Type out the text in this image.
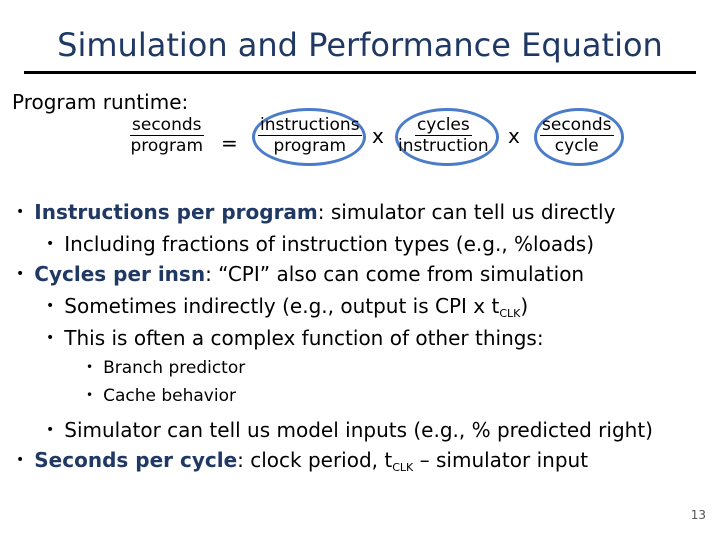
Simulation and Performance Equation
Program runtime:
seconds
program =
instructions
program x cycles
instruction x seconds
cycle
• Instructions per program: simulator can tell us directly
• Including fractions of instruction types (e.g., %loads)
• Cycles per insn: “CPI” also can come from simulation
• Sometimes indirectly (e.g., output is CPI x $t_{CLK}$)
• This is often a complex function of other things:
• Branch predictor
• Cache behavior
• Simulator can tell us model inputs (e.g., % predicted right)
• Seconds per cycle: clock period, $t_{CLK}$ – simulator input
13
